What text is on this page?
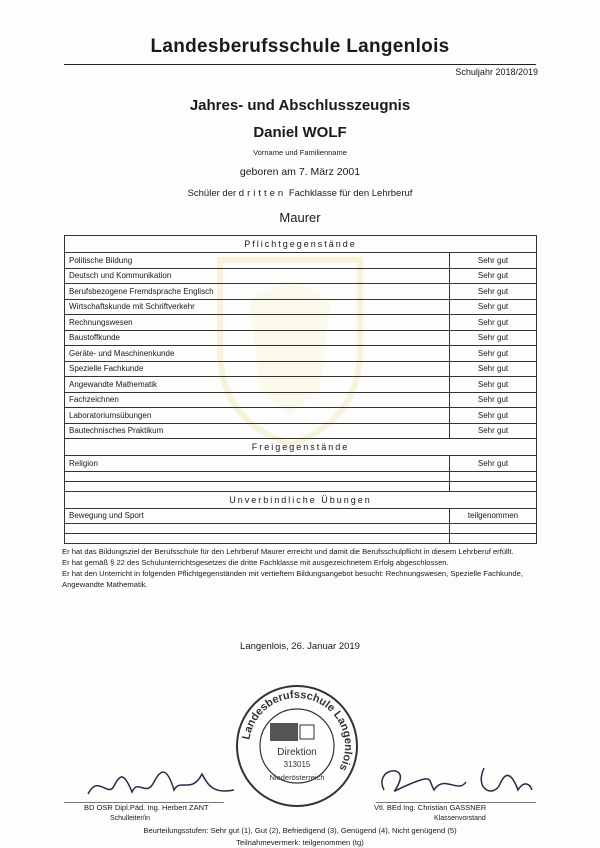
Landesberufsschule Langenlois
Schuljahr 2018/2019
Jahres- und Abschlusszeugnis
Daniel WOLF
Vorname und Familienname
geboren am 7. März 2001
Schüler der dritten Fachklasse für den Lehrberuf
Maurer
Pflichtgegenstände	
Politische Bildung	Sehr gut
Deutsch und Kommunikation	Sehr gut
Berufsbezogene Fremdsprache Englisch	Sehr gut
Wirtschaftskunde mit Schriftverkehr	Sehr gut
Rechnungswesen	Sehr gut
Baustoffkunde	Sehr gut
Geräte- und Maschinenkunde	Sehr gut
Spezielle Fachkunde	Sehr gut
Angewandte Mathematik	Sehr gut
Fachzeichnen	Sehr gut
Laboratoriumsübungen	Sehr gut
Bautechnisches Praktikum	Sehr gut
Freigegenstände	
Religion	Sehr gut

Unverbindliche Übungen	
Bewegung und Sport	teilgenommen

Er hat das Bildungsziel der Berufsschule für den Lehrberuf Maurer erreicht und damit die Berufsschulpflicht in diesem Lehrberuf erfüllt.

Er hat gemäß § 22 des Schulunterrichtsgesetzes die dritte Fachklasse mit ausgezeichnetem Erfolg abgeschlossen.

Er hat den Unterricht in folgenden Pflichtgegenständen mit vertieftem Bildungsangebot besucht: Rechnungswesen, Spezielle Fachkunde, Angewandte Mathematik.

Langenlois, 26. Januar 2019
Landesberufsschule Langenlois
Direktion
313015
Niederösterreich
BD OSR Dipl.Päd. Ing. Herbert ZANT
Schulleiter/in
Vtl. BEd Ing. Christian GASSNER
Klassenvorstand
Beurteilungsstufen: Sehr gut (1), Gut (2), Befriedigend (3), Genügend (4), Nicht genügend (5)
Teilnahmevermerk: teilgenommen (tg)
